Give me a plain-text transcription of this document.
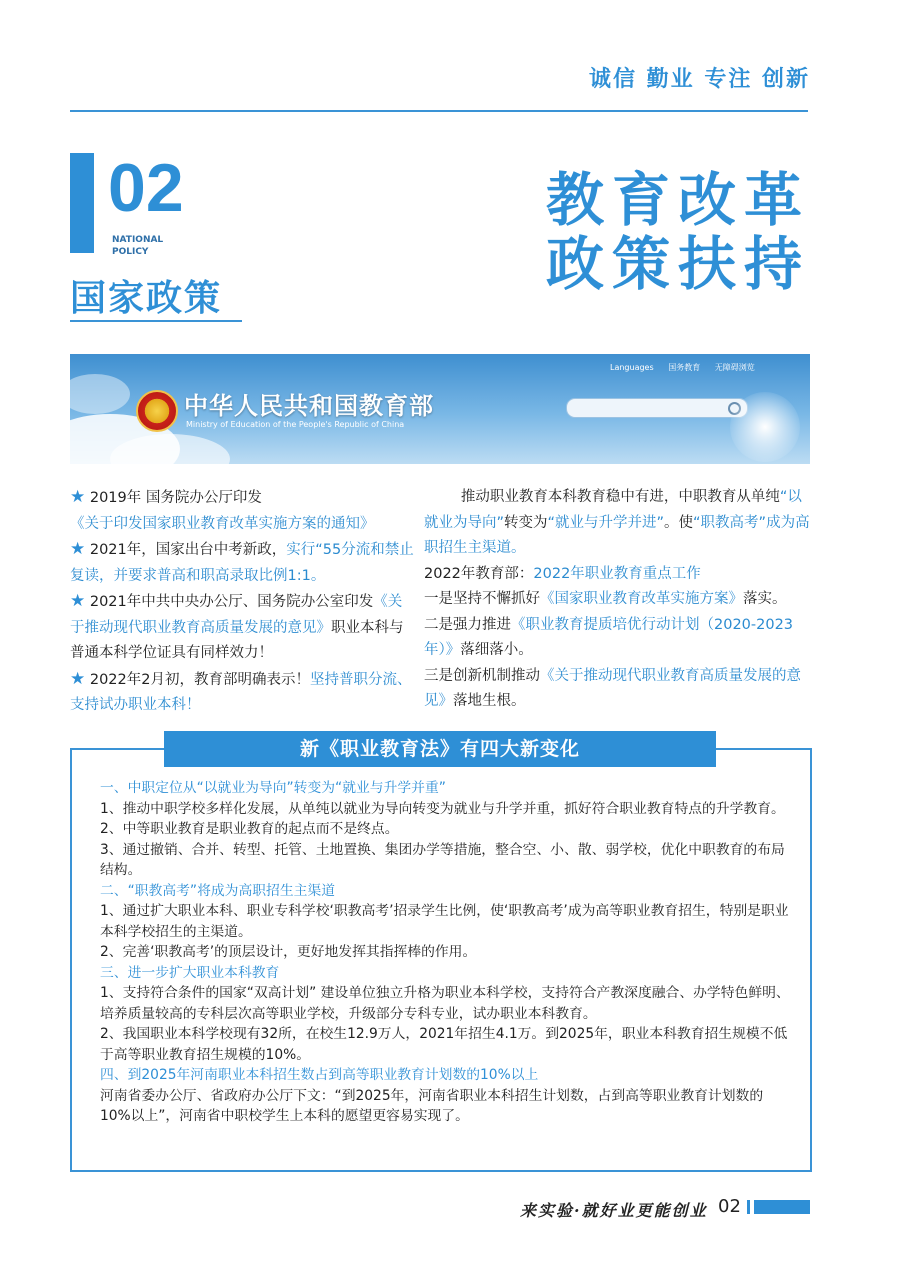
诚信 勤业 专注 创新
02
NATIONAL
POLICY
国家政策
教育改革
政策扶持
中华人民共和国教育部
Ministry of Education of the People's Republic of China
Languages 国务教育 无障碍浏览

★ 2019年 国务院办公厅印发
《关于印发国家职业教育改革实施方案的通知》

★ 2021年，国家出台中考新政，实行“55分流和禁止复读，并要求普高和职高录取比例1:1。

★ 2021年中共中央办公厅、国务院办公室印发《关于推动现代职业教育高质量发展的意见》职业本科与普通本科学位证具有同样效力！

★ 2022年2月初，教育部明确表示！坚持普职分流、支持试办职业本科！

推动职业教育本科教育稳中有进，中职教育从单纯“以就业为导向”转变为“就业与升学并进”。使“职教高考”成为高职招生主渠道。

2022年教育部：2022年职业教育重点工作

一是坚持不懈抓好《国家职业教育改革实施方案》落实。

二是强力推进《职业教育提质培优行动计划（2020-2023年）》落细落小。

三是创新机制推动《关于推动现代职业教育高质量发展的意见》落地生根。

新《职业教育法》有四大新变化

一、中职定位从“以就业为导向”转变为“就业与升学并重”

1、推动中职学校多样化发展，从单纯以就业为导向转变为就业与升学并重，抓好符合职业教育特点的升学教育。

2、中等职业教育是职业教育的起点而不是终点。

3、通过撤销、合并、转型、托管、土地置换、集团办学等措施，整合空、小、散、弱学校，优化中职教育的布局结构。

二、“职教高考”将成为高职招生主渠道

1、通过扩大职业本科、职业专科学校‘职教高考’招录学生比例，使‘职教高考’成为高等职业教育招生，特别是职业本科学校招生的主渠道。

2、完善‘职教高考’的顶层设计，更好地发挥其指挥棒的作用。

三、进一步扩大职业本科教育

1、支持符合条件的国家“双高计划” 建设单位独立升格为职业本科学校，支持符合产教深度融合、办学特色鲜明、培养质量较高的专科层次高等职业学校，升级部分专科专业，试办职业本科教育。

2、我国职业本科学校现有32所，在校生12.9万人，2021年招生4.1万。到2025年，职业本科教育招生规模不低于高等职业教育招生规模的10%。

四、到2025年河南职业本科招生数占到高等职业教育计划数的10%以上

河南省委办公厅、省政府办公厅下文：“到2025年，河南省职业本科招生计划数，占到高等职业教育计划数的10%以上”，河南省中职校学生上本科的愿望更容易实现了。

来实验·就好业更能创业 02
